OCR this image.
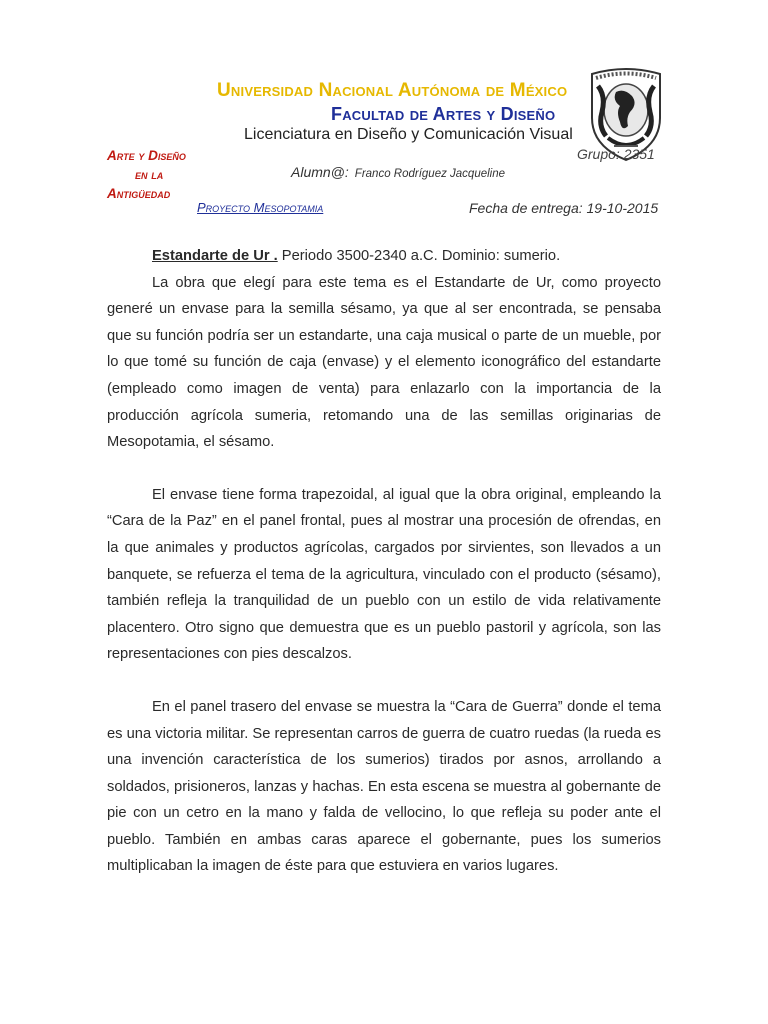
Universidad Nacional Autónoma de México
Facultad de Artes y Diseño

Licenciatura en Diseño y Comunicación Visual

Grupo: 2351
Arte y Diseño
en la
Antigüedad
Alumn@: Franco Rodríguez Jacqueline
Proyecto Mesopotamia	Fecha de entrega: 19-10-2015

Estandarte de Ur . Periodo 3500-2340 a.C. Dominio: sumerio.

La obra que elegí para este tema es el Estandarte de Ur, como proyecto generé un envase para la semilla sésamo, ya que al ser encontrada, se pensaba que su función podría ser un estandarte, una caja musical o parte de un mueble, por lo que tomé su función de caja (envase) y el elemento iconográfico del estandarte (empleado como imagen de venta) para enlazarlo con la importancia de la producción agrícola sumeria, retomando una de las semillas originarias de Mesopotamia, el sésamo.

El envase tiene forma trapezoidal, al igual que la obra original, empleando la “Cara de la Paz” en el panel frontal, pues al mostrar una procesión de ofrendas, en la que animales y productos agrícolas, cargados por sirvientes, son llevados a un banquete, se refuerza el tema de la agricultura, vinculado con el producto (sésamo), también refleja la tranquilidad de un pueblo con un estilo de vida relativamente placentero. Otro signo que demuestra que es un pueblo pastoril y agrícola, son las representaciones con pies descalzos.

En el panel trasero del envase se muestra la “Cara de Guerra” donde el tema es una victoria militar. Se representan carros de guerra de cuatro ruedas (la rueda es una invención característica de los sumerios) tirados por asnos, arrollando a soldados, prisioneros, lanzas y hachas. En esta escena se muestra al gobernante de pie con un cetro en la mano y falda de vellocino, lo que refleja su poder ante el pueblo. También en ambas caras aparece el gobernante, pues los sumerios multiplicaban la imagen de éste para que estuviera en varios lugares.
